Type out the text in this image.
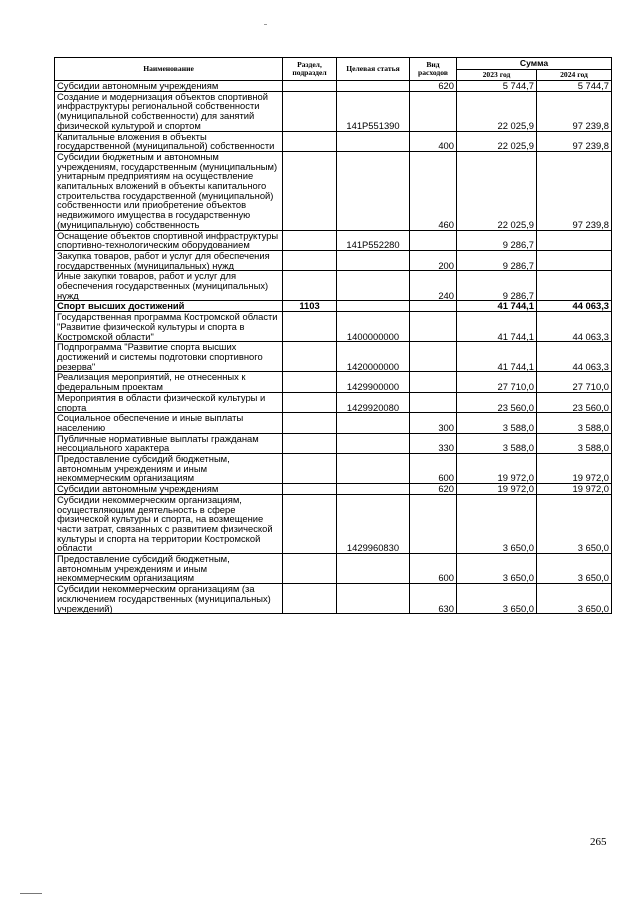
Наименование	Раздел, подраздел	Целевая статья	Вид расходов	Сумма	
				2023 год	2024 год
Субсидии автономным учреждениям			620	5 744,7	5 744,7
Создание и модернизация объектов спортивной инфраструктуры региональной собственности (муниципальной собственности) для занятий физической культурой и спортом		141P551390		22 025,9	97 239,8
Капитальные вложения в объекты государственной (муниципальной) собственности			400	22 025,9	97 239,8
Субсидии бюджетным и автономным учреждениям, государственным (муниципальным) унитарным предприятиям на осуществление капитальных вложений в объекты капитального строительства государственной (муниципальной) собственности или приобретение объектов недвижимого имущества в государственную (муниципальную) собственность			460	22 025,9	97 239,8
Оснащение объектов спортивной инфраструктуры спортивно-технологическим оборудованием		141P552280		9 286,7	
Закупка товаров, работ и услуг для обеспечения государственных (муниципальных) нужд			200	9 286,7	
Иные закупки товаров, работ и услуг для обеспечения государственных (муниципальных) нужд			240	9 286,7	
Спорт высших достижений	1103			41 744,1	44 063,3
Государственная программа Костромской области "Развитие физической культуры и спорта в Костромской области"		1400000000		41 744,1	44 063,3
Подпрограмма "Развитие спорта высших достижений и системы подготовки спортивного резерва"		1420000000		41 744,1	44 063,3
Реализация мероприятий, не отнесенных к федеральным проектам		1429900000		27 710,0	27 710,0
Мероприятия в области физической культуры и спорта		1429920080		23 560,0	23 560,0
Социальное обеспечение и иные выплаты населению			300	3 588,0	3 588,0
Публичные нормативные выплаты гражданам несоциального характера			330	3 588,0	3 588,0
Предоставление субсидий бюджетным, автономным учреждениям и иным некоммерческим организациям			600	19 972,0	19 972,0
Субсидии автономным учреждениям			620	19 972,0	19 972,0
Субсидии некоммерческим организациям, осуществляющим деятельность в сфере физической культуры и спорта, на возмещение части затрат, связанных с развитием физической культуры и спорта на территории Костромской области		1429960830		3 650,0	3 650,0
Предоставление субсидий бюджетным, автономным учреждениям и иным некоммерческим организациям			600	3 650,0	3 650,0
Субсидии некоммерческим организациям (за исключением государственных (муниципальных) учреждений)			630	3 650,0	3 650,0
265
